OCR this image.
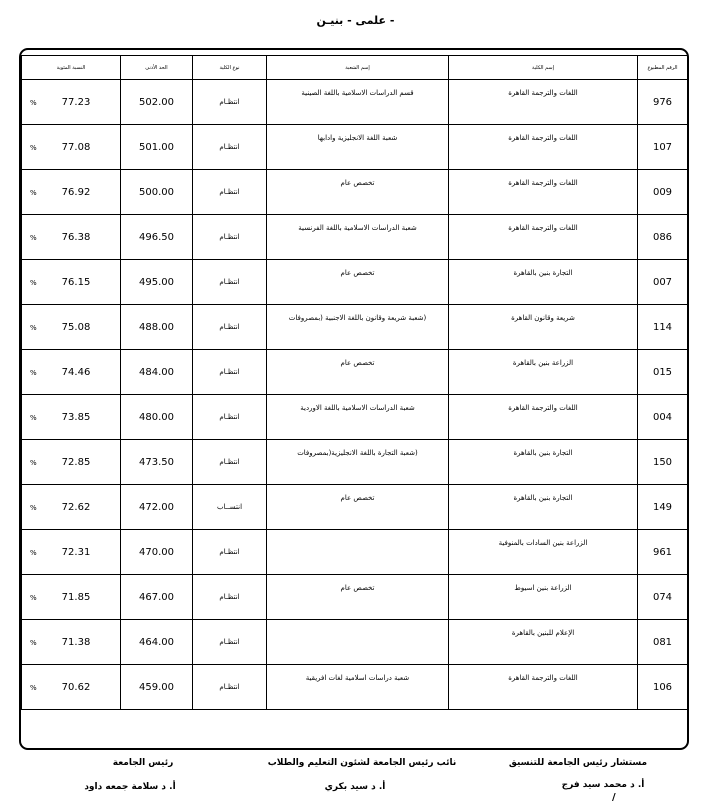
- علمى - بنيـن
الرقم المطبوع	إسم الكلية	إسم الشعبة	نوع الكلية	الحد الأدنى	النسبة المئوية
976	اللغات والترجمة القاهرة	قسم الدراسات الاسلامية باللغة الصينية	انتظـام	502.00	% 77.23
107	اللغات والترجمة القاهرة	شعبة اللغة الانجليزية وادابها	انتظـام	501.00	% 77.08
009	اللغات والترجمة القاهرة	تخصص عام	انتظـام	500.00	% 76.92
086	اللغات والترجمة القاهرة	شعبة الدراسات الاسلامية باللغة الفرنسية	انتظـام	496.50	% 76.38
007	التجارة بنين بالقاهرة	تخصص عام	انتظـام	495.00	% 76.15
114	شريعة وقانون القاهرة	(شعبة شريعة وقانون باللغة الاجنبية (بمصروفات	انتظـام	488.00	% 75.08
015	الزراعة بنين بالقاهرة	تخصص عام	انتظـام	484.00	% 74.46
004	اللغات والترجمة القاهرة	شعبة الدراسات الاسلامية باللغة الاوردية	انتظـام	480.00	% 73.85
150	التجارة بنين بالقاهرة	(شعبة التجارة باللغة الانجليزية(بمصروفات	انتظـام	473.50	% 72.85
149	التجارة بنين بالقاهرة	تخصص عام	انتســاب	472.00	% 72.62
961	الزراعة بنين السادات بالمنوفية		انتظـام	470.00	% 72.31
074	الزراعة بنين اسيوط	تخصص عام	انتظـام	467.00	% 71.85
081	الإعلام للبنين بالقاهرة		انتظـام	464.00	% 71.38
106	اللغات والترجمة القاهرة	شعبة دراسات اسلامية لغات افريقية	انتظـام	459.00	% 70.62
رئيس الجامعة
أ. د سلامة جمعه داود
نائب رئيس الجامعة لشئون التعليم والطلاب
أ. د سيد بكري
مستشار رئيس الجامعة للتنسيق
أ. د محمد سيد فرج
/
